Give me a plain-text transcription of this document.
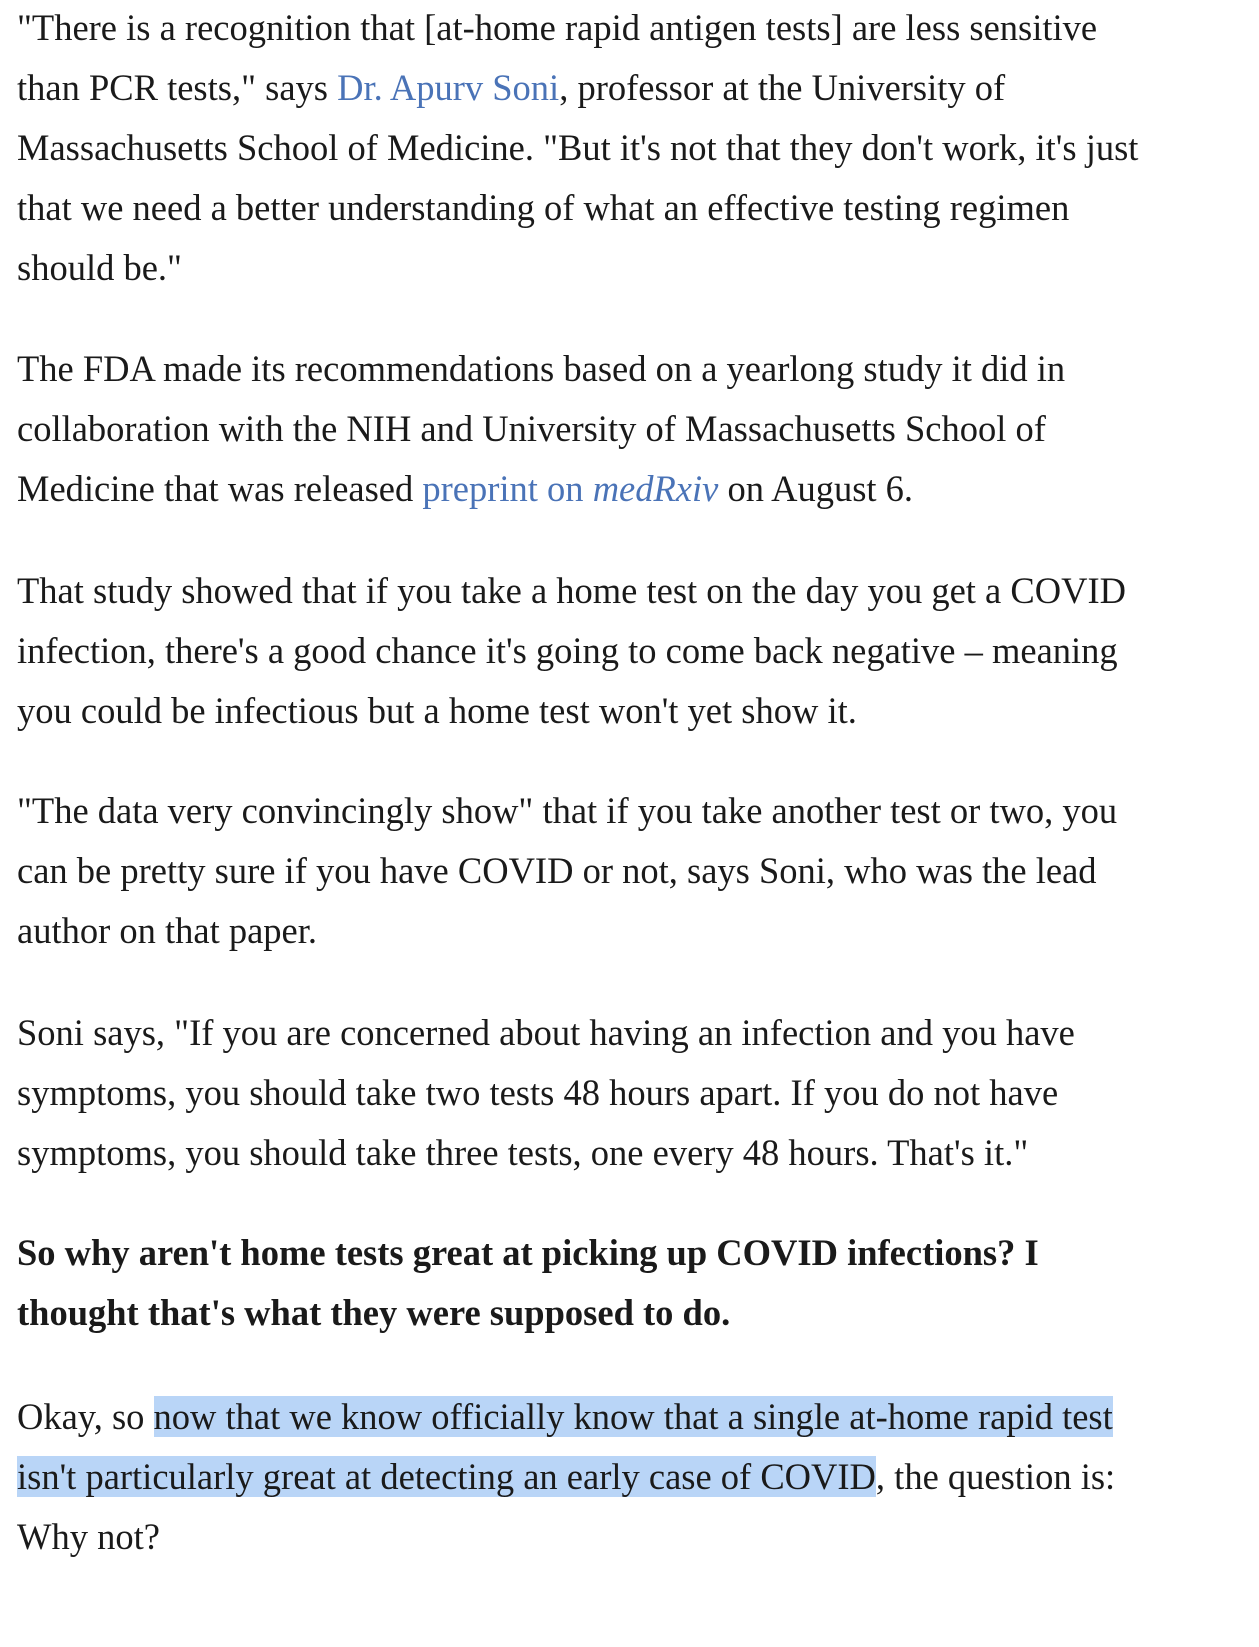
"There is a recognition that [at-home rapid antigen tests] are less sensitive
than PCR tests," says Dr. Apurv Soni, professor at the University of
Massachusetts School of Medicine. "But it's not that they don't work, it's just
that we need a better understanding of what an effective testing regimen
should be."

The FDA made its recommendations based on a yearlong study it did in
collaboration with the NIH and University of Massachusetts School of
Medicine that was released preprint on medRxiv on August 6.

That study showed that if you take a home test on the day you get a COVID
infection, there's a good chance it's going to come back negative – meaning
you could be infectious but a home test won't yet show it.

"The data very convincingly show" that if you take another test or two, you
can be pretty sure if you have COVID or not, says Soni, who was the lead
author on that paper.

Soni says, "If you are concerned about having an infection and you have
symptoms, you should take two tests 48 hours apart. If you do not have
symptoms, you should take three tests, one every 48 hours. That's it."

So why aren't home tests great at picking up COVID infections? I
thought that's what they were supposed to do.

Okay, so now that we know officially know that a single at-home rapid test
isn't particularly great at detecting an early case of COVID, the question is:
Why not?
